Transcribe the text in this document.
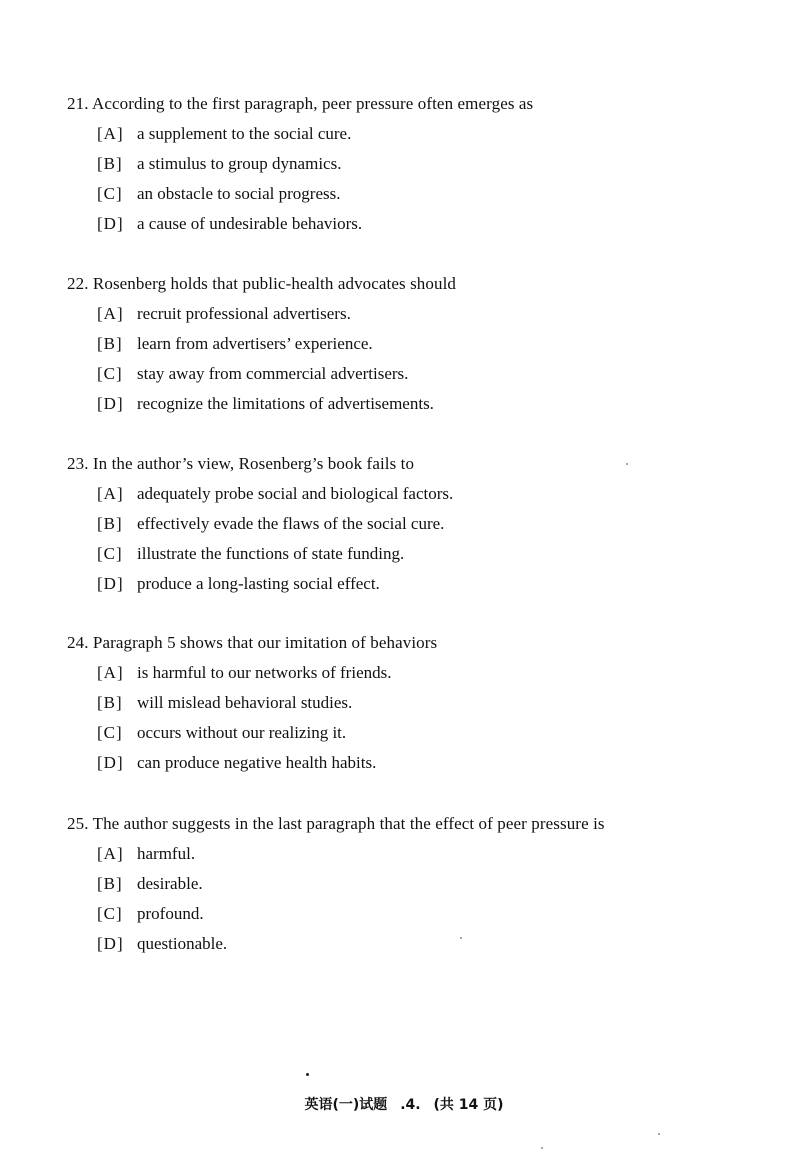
21. According to the first paragraph, peer pressure often emerges as
[A] a supplement to the social cure.
[B] a stimulus to group dynamics.
[C] an obstacle to social progress.
[D] a cause of undesirable behaviors.
22. Rosenberg holds that public-health advocates should
[A] recruit professional advertisers.
[B] learn from advertisers’ experience.
[C] stay away from commercial advertisers.
[D] recognize the limitations of advertisements.
23. In the author’s view, Rosenberg’s book fails to
[A] adequately probe social and biological factors.
[B] effectively evade the flaws of the social cure.
[C] illustrate the functions of state funding.
[D] produce a long-lasting social effect.
24. Paragraph 5 shows that our imitation of behaviors
[A] is harmful to our networks of friends.
[B] will mislead behavioral studies.
[C] occurs without our realizing it.
[D] can produce negative health habits.
25. The author suggests in the last paragraph that the effect of peer pressure is
[A] harmful.
[B] desirable.
[C] profound.
[D] questionable.
英语(一)试题 .4. (共 14 页)
